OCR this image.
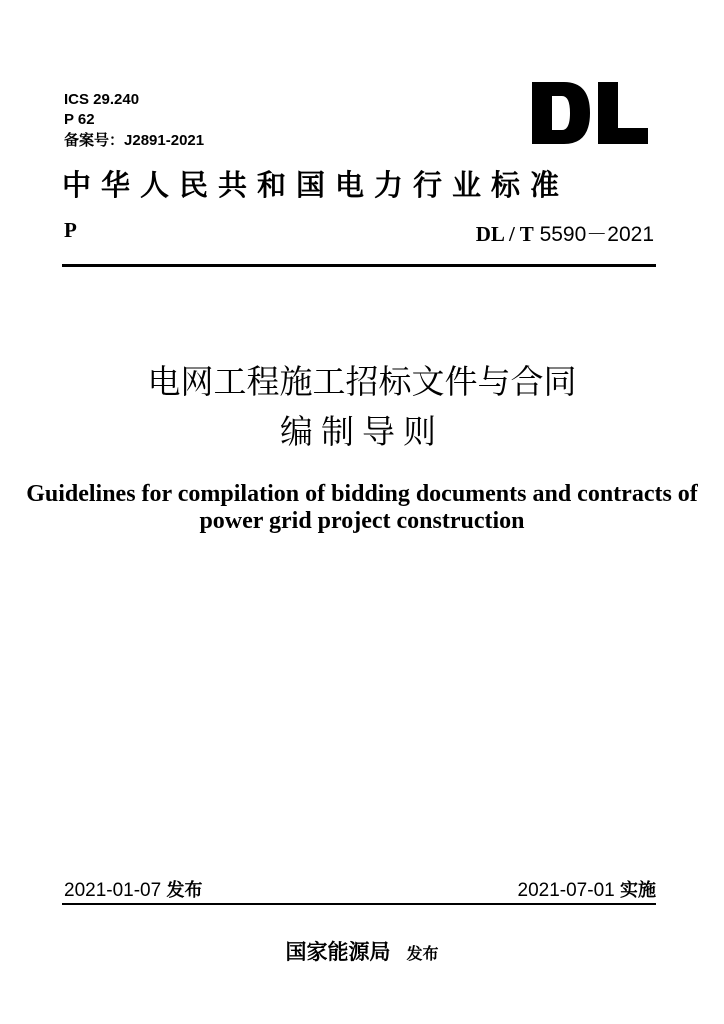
ICS 29.240
P 62
备案号：J2891-2021
中华人民共和国电力行业标准
P	DL / T 5590－2021
电网工程施工招标文件与合同
编制导则
Guidelines for compilation of bidding documents and contracts of power grid project construction
2021-01-07 发布	2021-07-01 实施
国家能源局 发布
